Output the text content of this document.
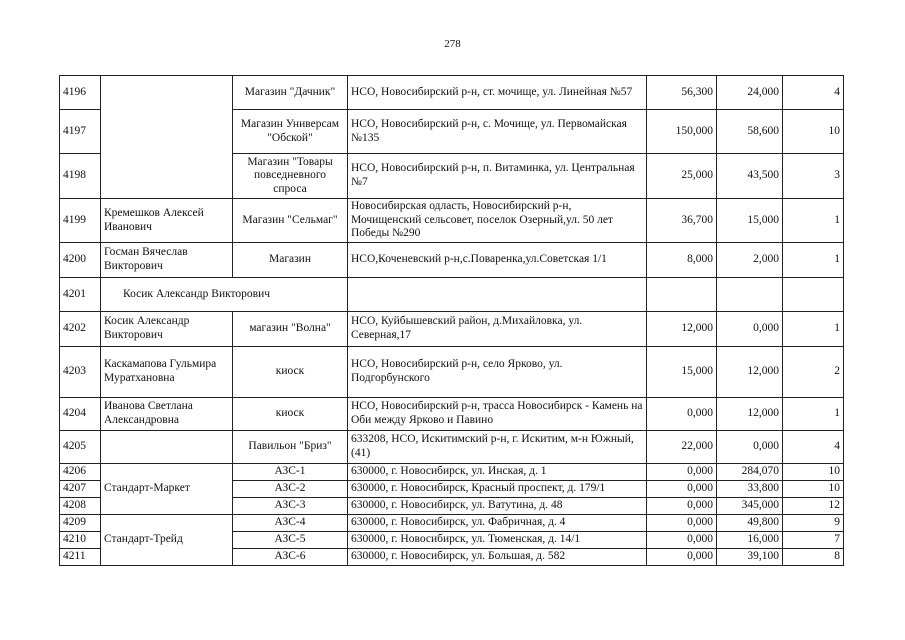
278
4196		Магазин "Дачник"	НСО, Новосибирский р-н, ст. мочище, ул. Линейная №57	56,300	24,000	4
4197		Магазин Универсам "Обской"	НСО, Новосибирский р-н, с. Мочище, ул. Первомайская №135	150,000	58,600	10
4198		Магазин "Товары повседневного спроса	НСО, Новосибирский р-н, п. Витаминка, ул. Центральная №7	25,000	43,500	3
4199	Кремешков Алексей Иванович	Магазин "Сельмаг"	Новосибирская одласть, Новосибирский р-н, Мочищенский сельсовет, поселок Озерный,ул. 50 лет Победы №290	36,700	15,000	1
4200	Госман Вячеслав Викторович	Магазин	НСО,Коченевский р-н,с.Поваренка,ул.Советская 1/1	8,000	2,000	1
4201	Косик Александр Викторович					
4202	Косик Александр Викторович	магазин "Волна"	НСО, Куйбышевский район, д.Михайловка, ул. Северная,17	12,000	0,000	1
4203	Каскамапова Гульмира Муратхановна	киоск	НСО, Новосибирский р-н, село Ярково, ул. Подгорбунского	15,000	12,000	2
4204	Иванова Светлана Александровна	киоск	НСО, Новосибирский р-н, трасса Новосибирск - Камень на Оби между Ярково и Павино	0,000	12,000	1
4205		Павильон "Бриз"	633208, НСО, Искитимский р-н, г. Искитим, м-н Южный, (41)	22,000	0,000	4
4206	Стандарт-Маркет	АЗС-1	630000, г. Новосибирск, ул. Инская, д. 1	0,000	284,070	10
4207		АЗС-2	630000, г. Новосибирск, Красный проспект, д. 179/1	0,000	33,800	10
4208		АЗС-3	630000, г. Новосибирск, ул. Ватутина, д. 48	0,000	345,000	12
4209	Стандарт-Трейд	АЗС-4	630000, г. Новосибирск, ул. Фабричная, д. 4	0,000	49,800	9
4210		АЗС-5	630000, г. Новосибирск, ул. Тюменская, д. 14/1	0,000	16,000	7
4211		АЗС-6	630000, г. Новосибирск, ул. Большая, д. 582	0,000	39,100	8
